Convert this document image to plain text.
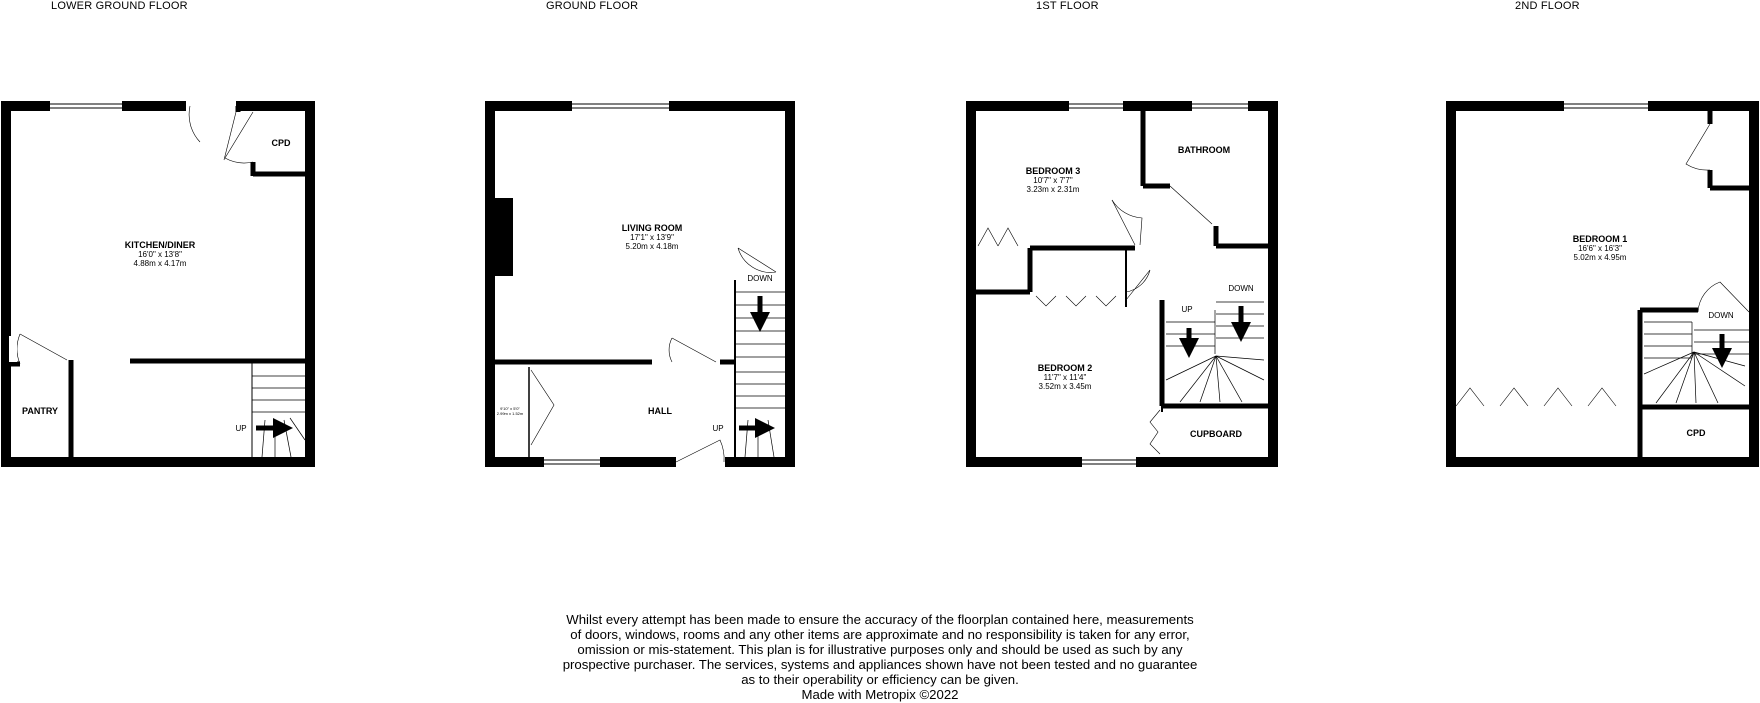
LOWER GROUND FLOOR	GROUND FLOOR	1ST FLOOR	2ND FLOOR
KITCHEN/DINER
16'0" x 13'8"
4.88m x 4.17m
CPD
PANTRY
UP
LIVING ROOM
17'1" x 13'9"
5.20m x 4.18m
HALL
DOWN
UP
9'10" x 5'0"
2.99m x 1.52m
BEDROOM 3
10'7" x 7'7"
3.23m x 2.31m
BATHROOM
BEDROOM 2
11'7" x 11'4"
3.52m x 3.45m
CUPBOARD
UP
DOWN
BEDROOM 1
16'6" x 16'3"
5.02m x 4.95m
DOWN
CPD

Whilst every attempt has been made to ensure the accuracy of the floorplan contained here, measurements

of doors, windows, rooms and any other items are approximate and no responsibility is taken for any error,

omission or mis-statement. This plan is for illustrative purposes only and should be used as such by any

prospective purchaser. The services, systems and appliances shown have not been tested and no guarantee

as to their operability or efficiency can be given.

Made with Metropix ©2022
